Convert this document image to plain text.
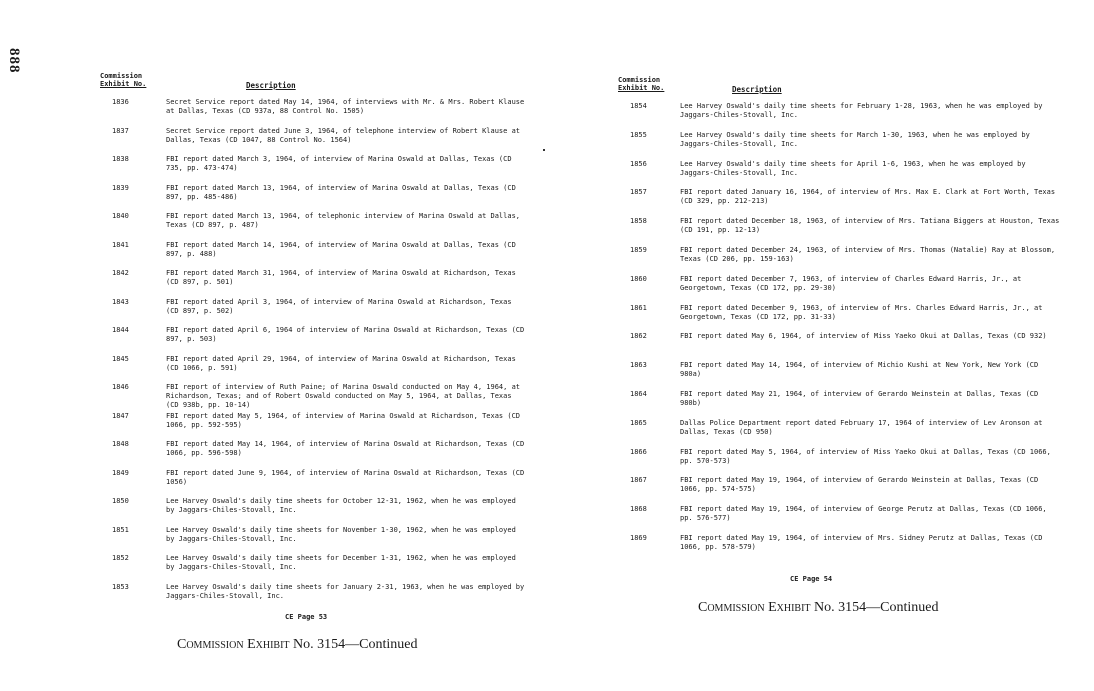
888
Commission
Exhibit No.	Description
1836	Secret Service report dated May 14, 1964, of interviews with Mr. & Mrs. Robert Klause at Dallas, Texas (CD 937a, 88 Control No. 1505)
1837	Secret Service report dated June 3, 1964, of telephone interview of Robert Klause at Dallas, Texas (CD 1047, 88 Control No. 1564)
1838	FBI report dated March 3, 1964, of interview of Marina Oswald at Dallas, Texas (CD 735, pp. 473-474)
1839	FBI report dated March 13, 1964, of interview of Marina Oswald at Dallas, Texas (CD 897, pp. 485-486)
1840	FBI report dated March 13, 1964, of telephonic interview of Marina Oswald at Dallas, Texas (CD 897, p. 487)
1841	FBI report dated March 14, 1964, of interview of Marina Oswald at Dallas, Texas (CD 897, p. 488)
1842	FBI report dated March 31, 1964, of interview of Marina Oswald at Richardson, Texas (CD 897, p. 501)
1843	FBI report dated April 3, 1964, of interview of Marina Oswald at Richardson, Texas (CD 897, p. 502)
1844	FBI report dated April 6, 1964 of interview of Marina Oswald at Richardson, Texas (CD 897, p. 503)
1845	FBI report dated April 29, 1964, of interview of Marina Oswald at Richardson, Texas (CD 1066, p. 591)
1846	FBI report of interview of Ruth Paine; of Marina Oswald conducted on May 4, 1964, at Richardson, Texas; and of Robert Oswald conducted on May 5, 1964, at Dallas, Texas (CD 938b, pp. 10-14)
1847	FBI report dated May 5, 1964, of interview of Marina Oswald at Richardson, Texas (CD 1066, pp. 592-595)
1848	FBI report dated May 14, 1964, of interview of Marina Oswald at Richardson, Texas (CD 1066, pp. 596-598)
1849	FBI report dated June 9, 1964, of interview of Marina Oswald at Richardson, Texas (CD 1056)
1850	Lee Harvey Oswald's daily time sheets for October 12-31, 1962, when he was employed by Jaggars-Chiles-Stovall, Inc.
1851	Lee Harvey Oswald's daily time sheets for November 1-30, 1962, when he was employed by Jaggars-Chiles-Stovall, Inc.
1852	Lee Harvey Oswald's daily time sheets for December 1-31, 1962, when he was employed by Jaggars-Chiles-Stovall, Inc.
1853	Lee Harvey Oswald's daily time sheets for January 2-31, 1963, when he was employed by Jaggars-Chiles-Stovall, Inc.
CE Page 53
Commission Exhibit No. 3154—Continued
Commission
Exhibit No.	Description
1854	Lee Harvey Oswald's daily time sheets for February 1-28, 1963, when he was employed by Jaggars-Chiles-Stovall, Inc.
1855	Lee Harvey Oswald's daily time sheets for March 1-30, 1963, when he was employed by Jaggars-Chiles-Stovall, Inc.
1856	Lee Harvey Oswald's daily time sheets for April 1-6, 1963, when he was employed by Jaggars-Chiles-Stovall, Inc.
1857	FBI report dated January 16, 1964, of interview of Mrs. Max E. Clark at Fort Worth, Texas (CD 329, pp. 212-213)
1858	FBI report dated December 18, 1963, of interview of Mrs. Tatiana Biggers at Houston, Texas (CD 191, pp. 12-13)
1859	FBI report dated December 24, 1963, of interview of Mrs. Thomas (Natalie) Ray at Blossom, Texas (CD 206, pp. 159-163)
1860	FBI report dated December 7, 1963, of interview of Charles Edward Harris, Jr., at Georgetown, Texas (CD 172, pp. 29-30)
1861	FBI report dated December 9, 1963, of interview of Mrs. Charles Edward Harris, Jr., at Georgetown, Texas (CD 172, pp. 31-33)
1862	FBI report dated May 6, 1964, of interview of Miss Yaeko Okui at Dallas, Texas (CD 932)
1863	FBI report dated May 14, 1964, of interview of Michio Kushi at New York, New York (CD 980a)
1864	FBI report dated May 21, 1964, of interview of Gerardo Weinstein at Dallas, Texas (CD 980b)
1865	Dallas Police Department report dated February 17, 1964 of interview of Lev Aronson at Dallas, Texas (CD 950)
1866	FBI report dated May 5, 1964, of interview of Miss Yaeko Okui at Dallas, Texas (CD 1066, pp. 570-573)
1867	FBI report dated May 19, 1964, of interview of Gerardo Weinstein at Dallas, Texas (CD 1066, pp. 574-575)
1868	FBI report dated May 19, 1964, of interview of George Perutz at Dallas, Texas (CD 1066, pp. 576-577)
1869	FBI report dated May 19, 1964, of interview of Mrs. Sidney Perutz at Dallas, Texas (CD 1066, pp. 578-579)
CE Page 54
Commission Exhibit No. 3154—Continued
